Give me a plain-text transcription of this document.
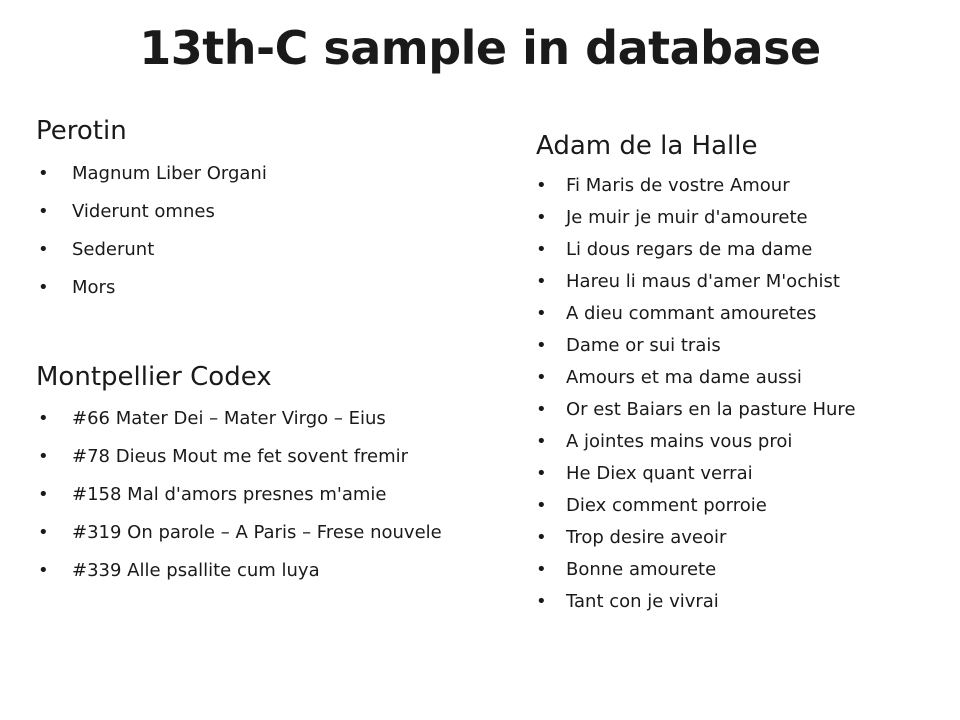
13th-C sample in database
Perotin
• Magnum Liber Organi
• Viderunt omnes
• Sederunt
• Mors
Montpellier Codex
• #66 Mater Dei – Mater Virgo – Eius
• #78 Dieus Mout me fet sovent fremir
• #158 Mal d'amors presnes m'amie
• #319 On parole – A Paris – Frese nouvele
• #339 Alle psallite cum luya
Adam de la Halle
• Fi Maris de vostre Amour
• Je muir je muir d'amourete
• Li dous regars de ma dame
• Hareu li maus d'amer M'ochist
• A dieu commant amouretes
• Dame or sui trais
• Amours et ma dame aussi
• Or est Baiars en la pasture Hure
• A jointes mains vous proi
• He Diex quant verrai
• Diex comment porroie
• Trop desire aveoir
• Bonne amourete
• Tant con je vivrai
